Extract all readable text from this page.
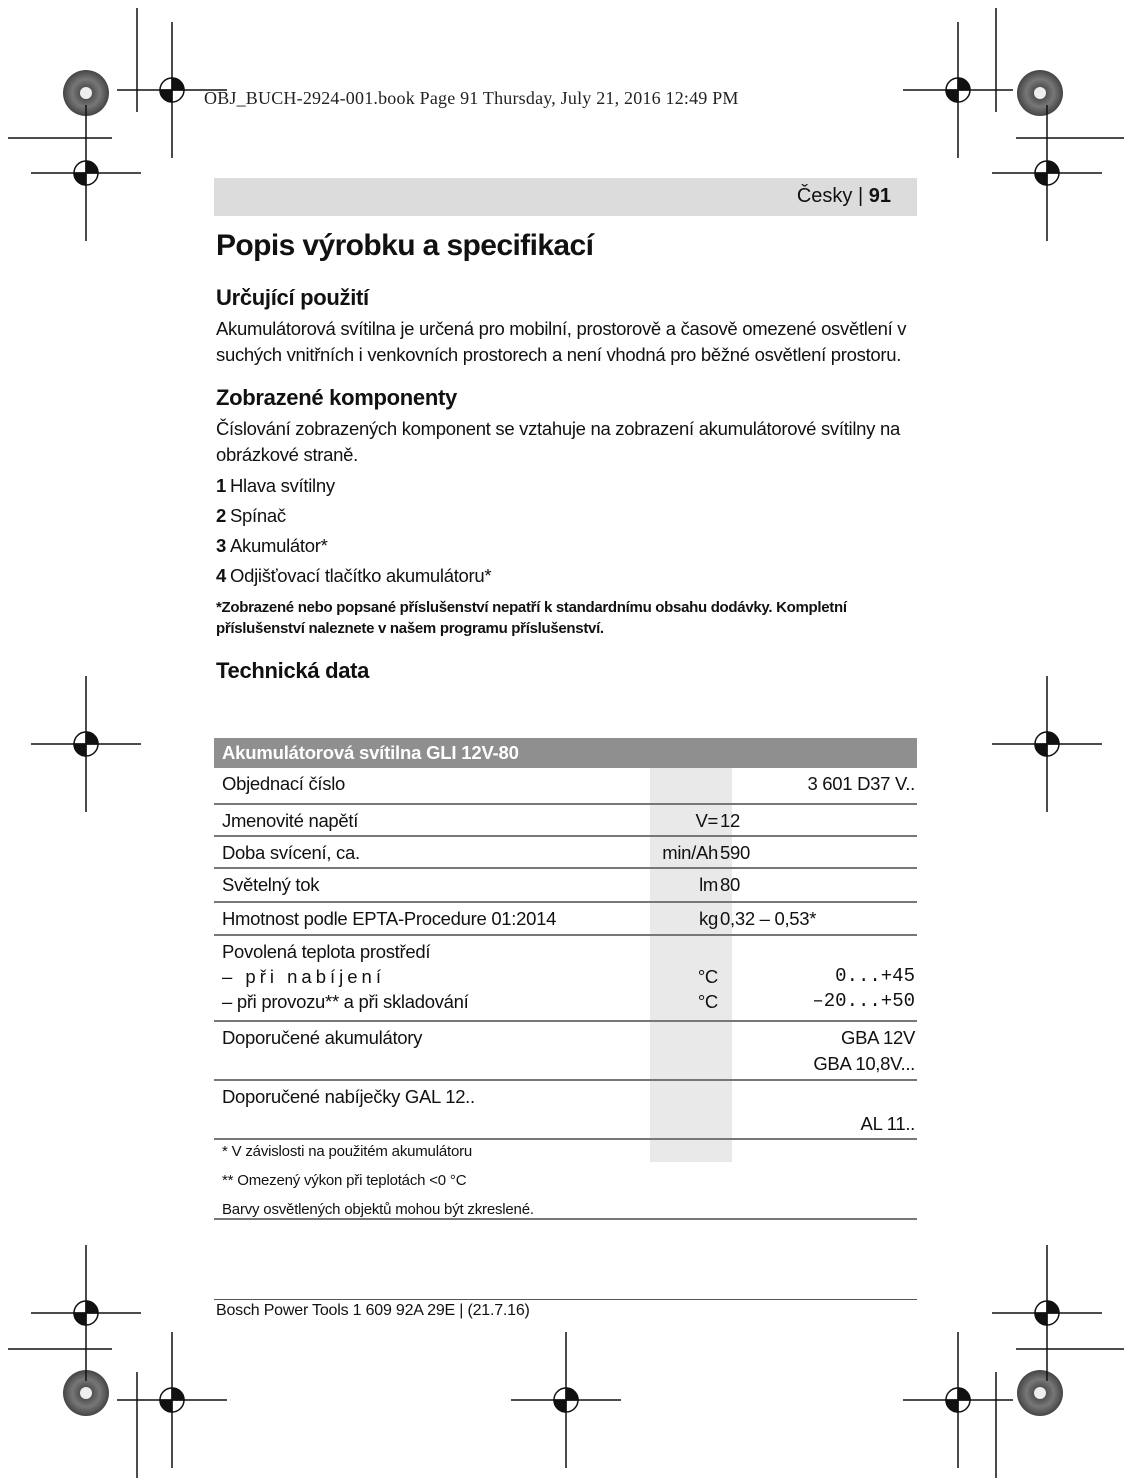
OBJ_BUCH-2924-001.book Page 91 Thursday, July 21, 2016 12:49 PM
Česky | 91
Popis výrobku a specifikací
Určující použití

Akumulátorová svítilna je určená pro mobilní, prostorově a časově omezené osvětlení v suchých vnitřních i venkovních prostorech a není vhodná pro běžné osvětlení prostoru.

Zobrazené komponenty

Číslování zobrazených komponent se vztahuje na zobrazení akumulátorové svítilny na obrázkové straně.

1 Hlava svítilny
2 Spínač
3 Akumulátor*
4 Odjišťovací tlačítko akumulátoru*
*Zobrazené nebo popsané příslušenství nepatří k standardnímu obsahu dodávky. Kompletní příslušenství naleznete v našem programu příslušenství.
Technická data
Akumulátorová svítilna GLI 12V-80
Objednací číslo	3 601 D37 V..
Jmenovité napětí	V= 12
Doba svícení, ca.	min/Ah 590
Světelný tok	lm 80
Hmotnost podle EPTA-Procedure 01:2014	kg 0,32 – 0,53*
Povolená teplota prostředí
– při nabíjení	°C	0...+45
– při provozu** a při skladování	°C	–20...+50
Doporučené akumulátory	GBA 12V
GBA 10,8V...
Doporučené nabíječky GAL 12..
AL 11..
* V závislosti na použitém akumulátoru
** Omezený výkon při teplotách <0 °C
Barvy osvětlených objektů mohou být zkreslené.
Bosch Power Tools 1 609 92A 29E | (21.7.16)
